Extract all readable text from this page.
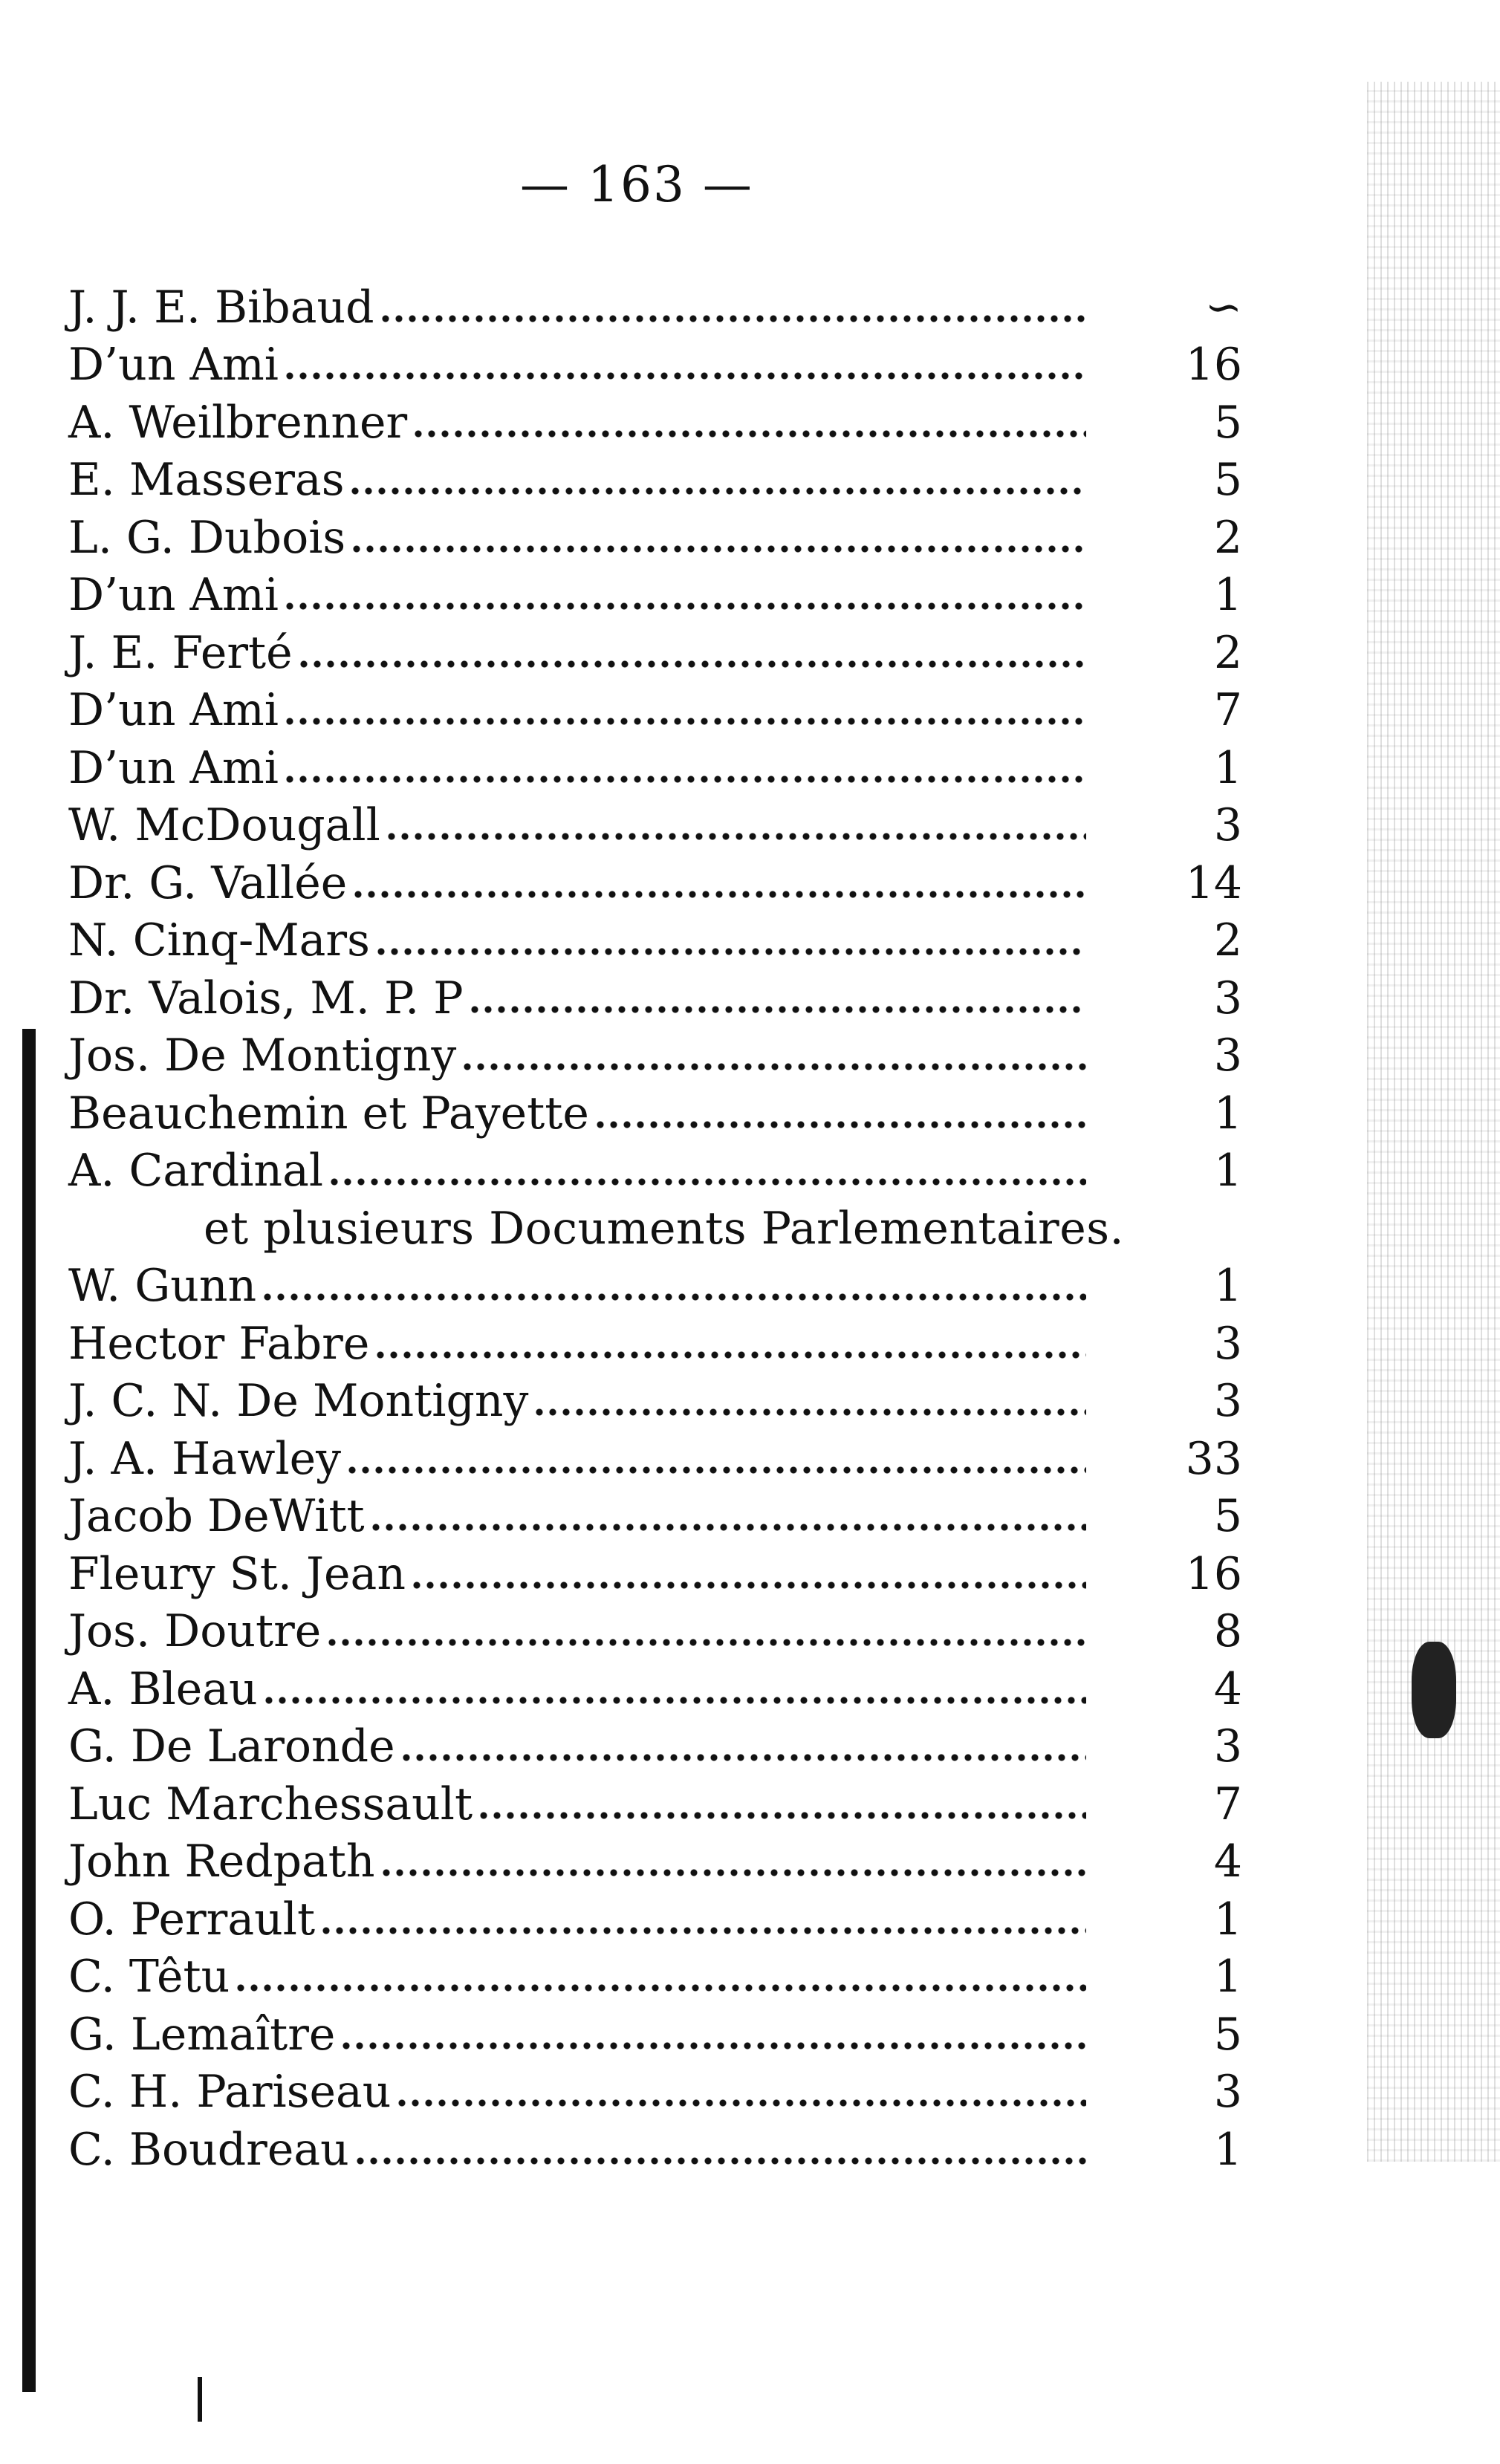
— 163 —
J. J. E. Bibaud	∽
D’un Ami	16
A. Weilbrenner	5
E. Masseras	5
L. G. Dubois	2
D’un Ami	1
J. E. Ferté	2
D’un Ami	7
D’un Ami	1
W. McDougall	3
Dr. G. Vallée	14
N. Cinq-Mars	2
Dr. Valois, M. P. P	3
Jos. De Montigny	3
Beauchemin et Payette	1
A. Cardinal	1
et plusieurs Documents Parlementaires.
W. Gunn	1
Hector Fabre	3
J. C. N. De Montigny	3
J. A. Hawley	33
Jacob DeWitt	5
Fleury St. Jean	16
Jos. Doutre	8
A. Bleau	4
G. De Laronde	3
Luc Marchessault	7
John Redpath	4
O. Perrault	1
C. Têtu	1
G. Lemaître	5
C. H. Pariseau	3
C. Boudreau	1
